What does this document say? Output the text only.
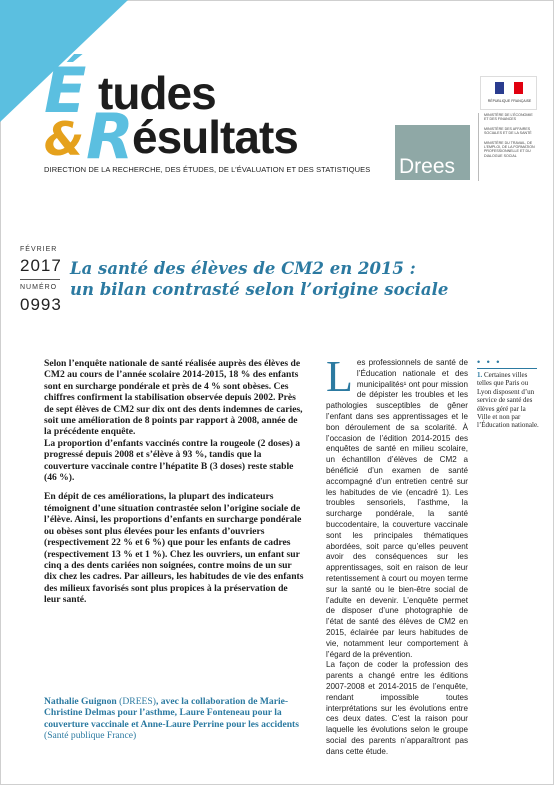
É tudes
& R
ésultats
DIRECTION DE LA RECHERCHE, DES ÉTUDES, DE L’ÉVALUATION ET DES STATISTIQUES
RÉPUBLIQUE FRANÇAISE
Drees
MINISTÈRE DE L’ÉCONOMIE ET DES FINANCES
MINISTÈRE DES AFFAIRES SOCIALES ET DE LA SANTÉ
MINISTÈRE DU TRAVAIL, DE L’EMPLOI, DE LA FORMATION PROFESSIONNELLE ET DU DIALOGUE SOCIAL
FÉVRIER
2017
NUMÉRO
0993
La santé des élèves de CM2 en 2015 :
un bilan contrasté selon l’origine sociale

Selon l’enquête nationale de santé réalisée auprès des élèves de CM2 au cours de l’année scolaire 2014-2015, 18 % des enfants sont en surcharge pondérale et près de 4 % sont obèses. Ces chiffres confirment la stabilisation observée depuis 2002. Près de sept élèves de CM2 sur dix ont des dents indemnes de caries, soit une amélioration de 8 points par rapport à 2008, année de la précédente enquête.

La proportion d’enfants vaccinés contre la rougeole (2 doses) a progressé depuis 2008 et s’élève à 93 %, tandis que la couverture vaccinale contre l’hépatite B (3 doses) reste stable (46 %).

En dépit de ces améliorations, la plupart des indicateurs témoignent d’une situation contrastée selon l’origine sociale de l’élève. Ainsi, les proportions d’enfants en surcharge pondérale ou obèses sont plus élevées pour les enfants d’ouvriers (respectivement 22 % et 6 %) que pour les enfants de cadres (respectivement 13 % et 1 %). Chez les ouvriers, un enfant sur cinq a des dents cariées non soignées, contre moins de un sur dix chez les cadres. Par ailleurs, les habitudes de vie des enfants des milieux favorisés sont plus propices à la préservation de leur santé.

Nathalie Guignon (DREES), avec la collaboration de Marie-Christine Delmas pour l’asthme, Laure Fonteneau pour la couverture vaccinale et Anne-Laure Perrine pour les accidents (Santé publique France)

Les professionnels de santé de l’Éducation nationale et des municipalités¹ ont pour mission de dépister les troubles et les pathologies susceptibles de gêner l’enfant dans ses apprentissages et le bon déroulement de sa scolarité. À l’occasion de l’édition 2014-2015 des enquêtes de santé en milieu scolaire, un échantillon d’élèves de CM2 a bénéficié d’un examen de santé accompagné d’un entretien centré sur les habitudes de vie (encadré 1). Les troubles sensoriels, l’asthme, la surcharge pondérale, la santé buccodentaire, la couverture vaccinale sont les principales thématiques abordées, soit parce qu’elles peuvent avoir des conséquences sur les apprentissages, soit en raison de leur retentissement à court ou moyen terme sur la santé ou le bien-être social de l’adulte en devenir. L’enquête permet de disposer d’une photographie de l’état de santé des élèves de CM2 en 2015, éclairée par leurs habitudes de vie, notamment leur comportement à l’égard de la prévention.

La façon de coder la profession des parents a changé entre les éditions 2007-2008 et 2014-2015 de l’enquête, rendant impossible toutes interprétations sur les évolutions entre ces deux dates. C’est la raison pour laquelle les évolutions selon le groupe social des parents n’apparaîtront pas dans cette étude.

• • •
1. Certaines villes telles que Paris ou Lyon disposent d’un service de santé des élèves géré par la Ville et non par l’Éducation nationale.
